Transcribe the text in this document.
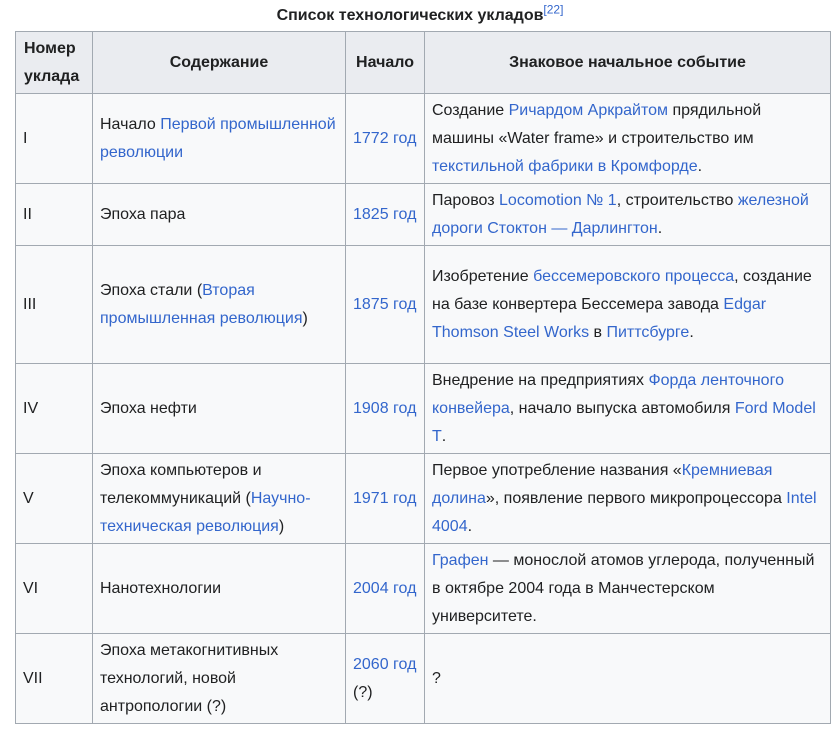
Список технологических укладов[22]
Номер
уклада	Содержание	Начало	Знаковое начальное событие
I	Начало Первой промышленной революции	1772 год	Создание Ричардом Аркрайтом прядильной машины «Water frame» и строительство им текстильной фабрики в Кромфорде.
II	Эпоха пара	1825 год	Паровоз Locomotion № 1, строительство железной дороги Стоктон — Дарлингтон.
III	Эпоха стали (Вторая промышленная революция)	1875 год	Изобретение бессемеровского процесса, создание на базе конвертера Бессемера завода Edgar Thomson Steel Works в Питтсбурге.
IV	Эпоха нефти	1908 год	Внедрение на предприятиях Форда ленточного конвейера, начало выпуска автомобиля Ford Model T.
V	Эпоха компьютеров и телекоммуникаций (Научно-техническая революция)	1971 год	Первое употребление названия «Кремниевая долина», появление первого микропроцессора Intel 4004.
VI	Нанотехнологии	2004 год	Графен — монослой атомов углерода, полученный в октябре 2004 года в Манчестерском университете.
VII	Эпоха метакогнитивных технологий, новой антропологии (?)	2060 год (?)	?
